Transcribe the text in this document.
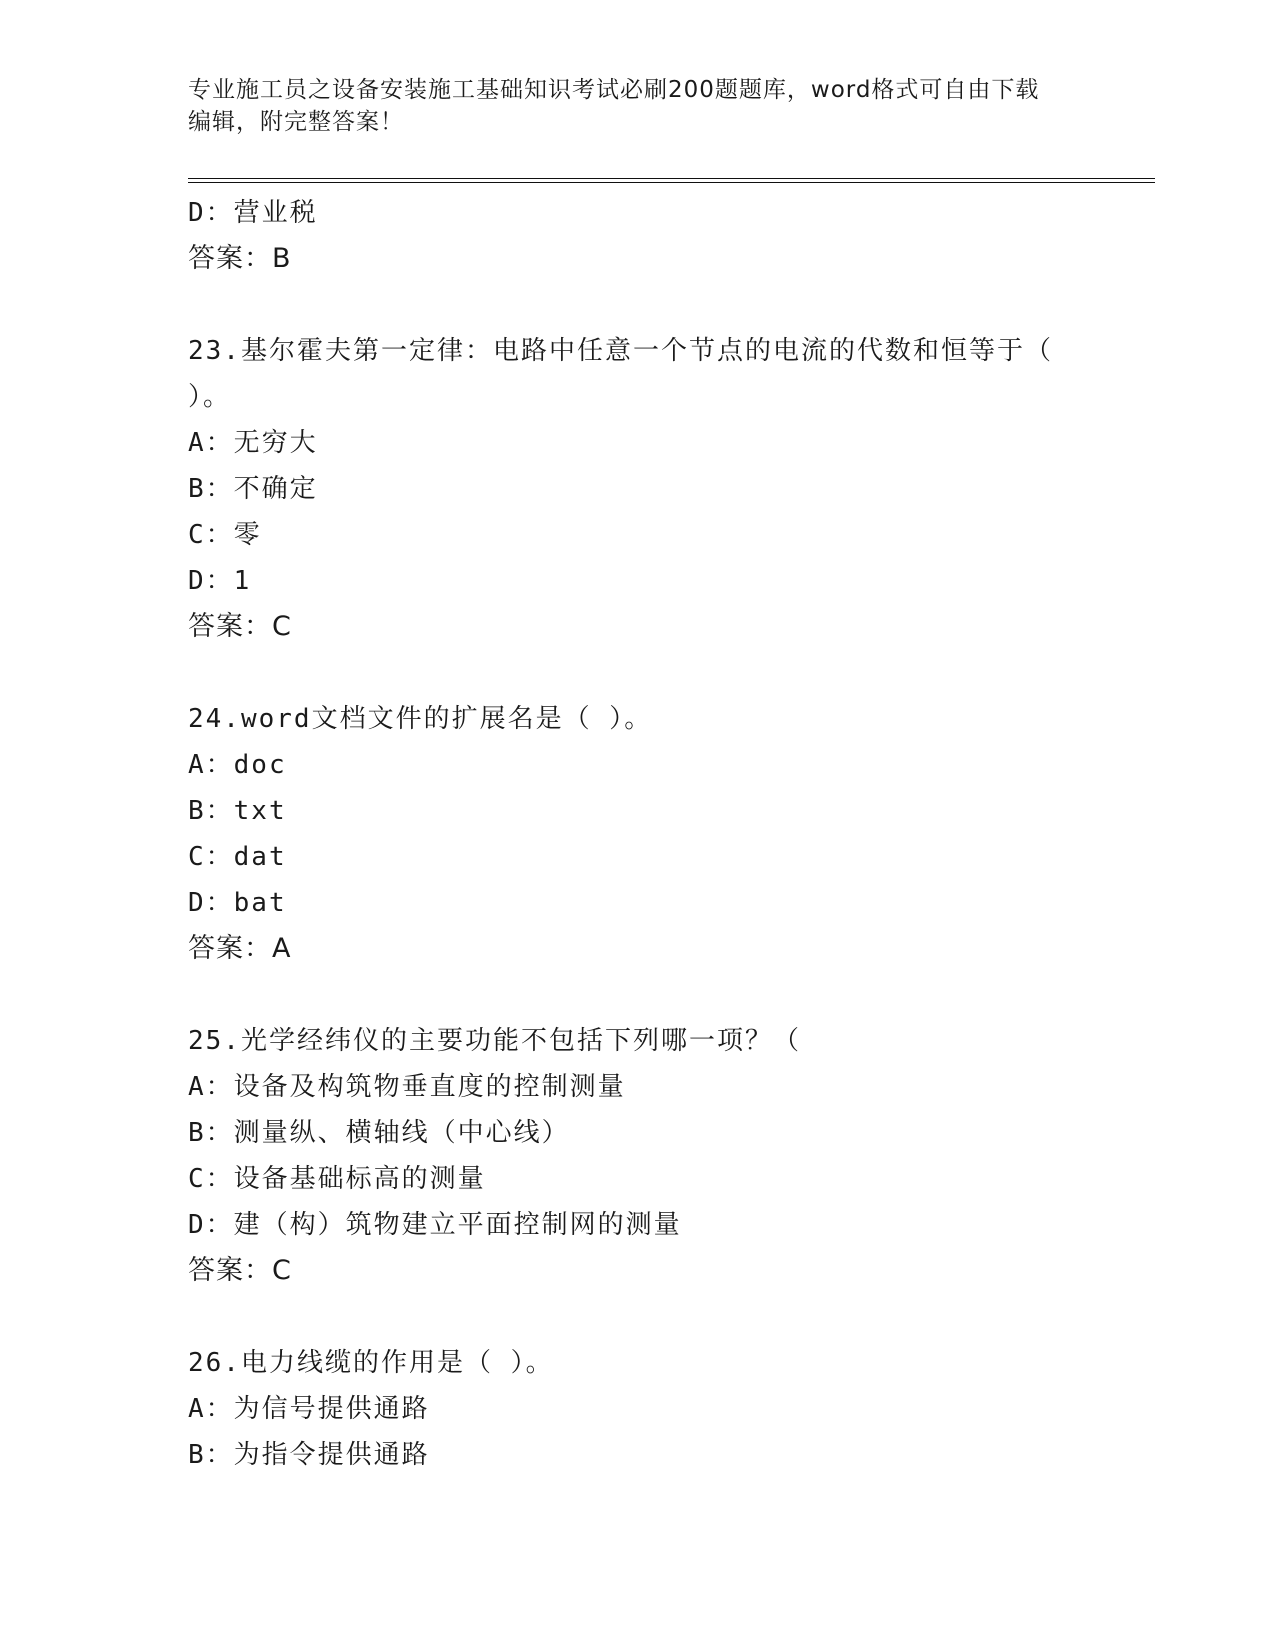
专业施工员之设备安装施工基础知识考试必刷200题题库，word格式可自由下载
编辑，附完整答案！
D：营业税
答案：B
23.基尔霍夫第一定律：电路中任意一个节点的电流的代数和恒等于（
）。
A：无穷大
B：不确定
C：零
D：1
答案：C
24.word文档文件的扩展名是（ ）。
A：doc
B：txt
C：dat
D：bat
答案：A
25.光学经纬仪的主要功能不包括下列哪一项？（
A：设备及构筑物垂直度的控制测量
B：测量纵、横轴线（中心线）
C：设备基础标高的测量
D：建（构）筑物建立平面控制网的测量
答案：C
26.电力线缆的作用是（ ）。
A：为信号提供通路
B：为指令提供通路
